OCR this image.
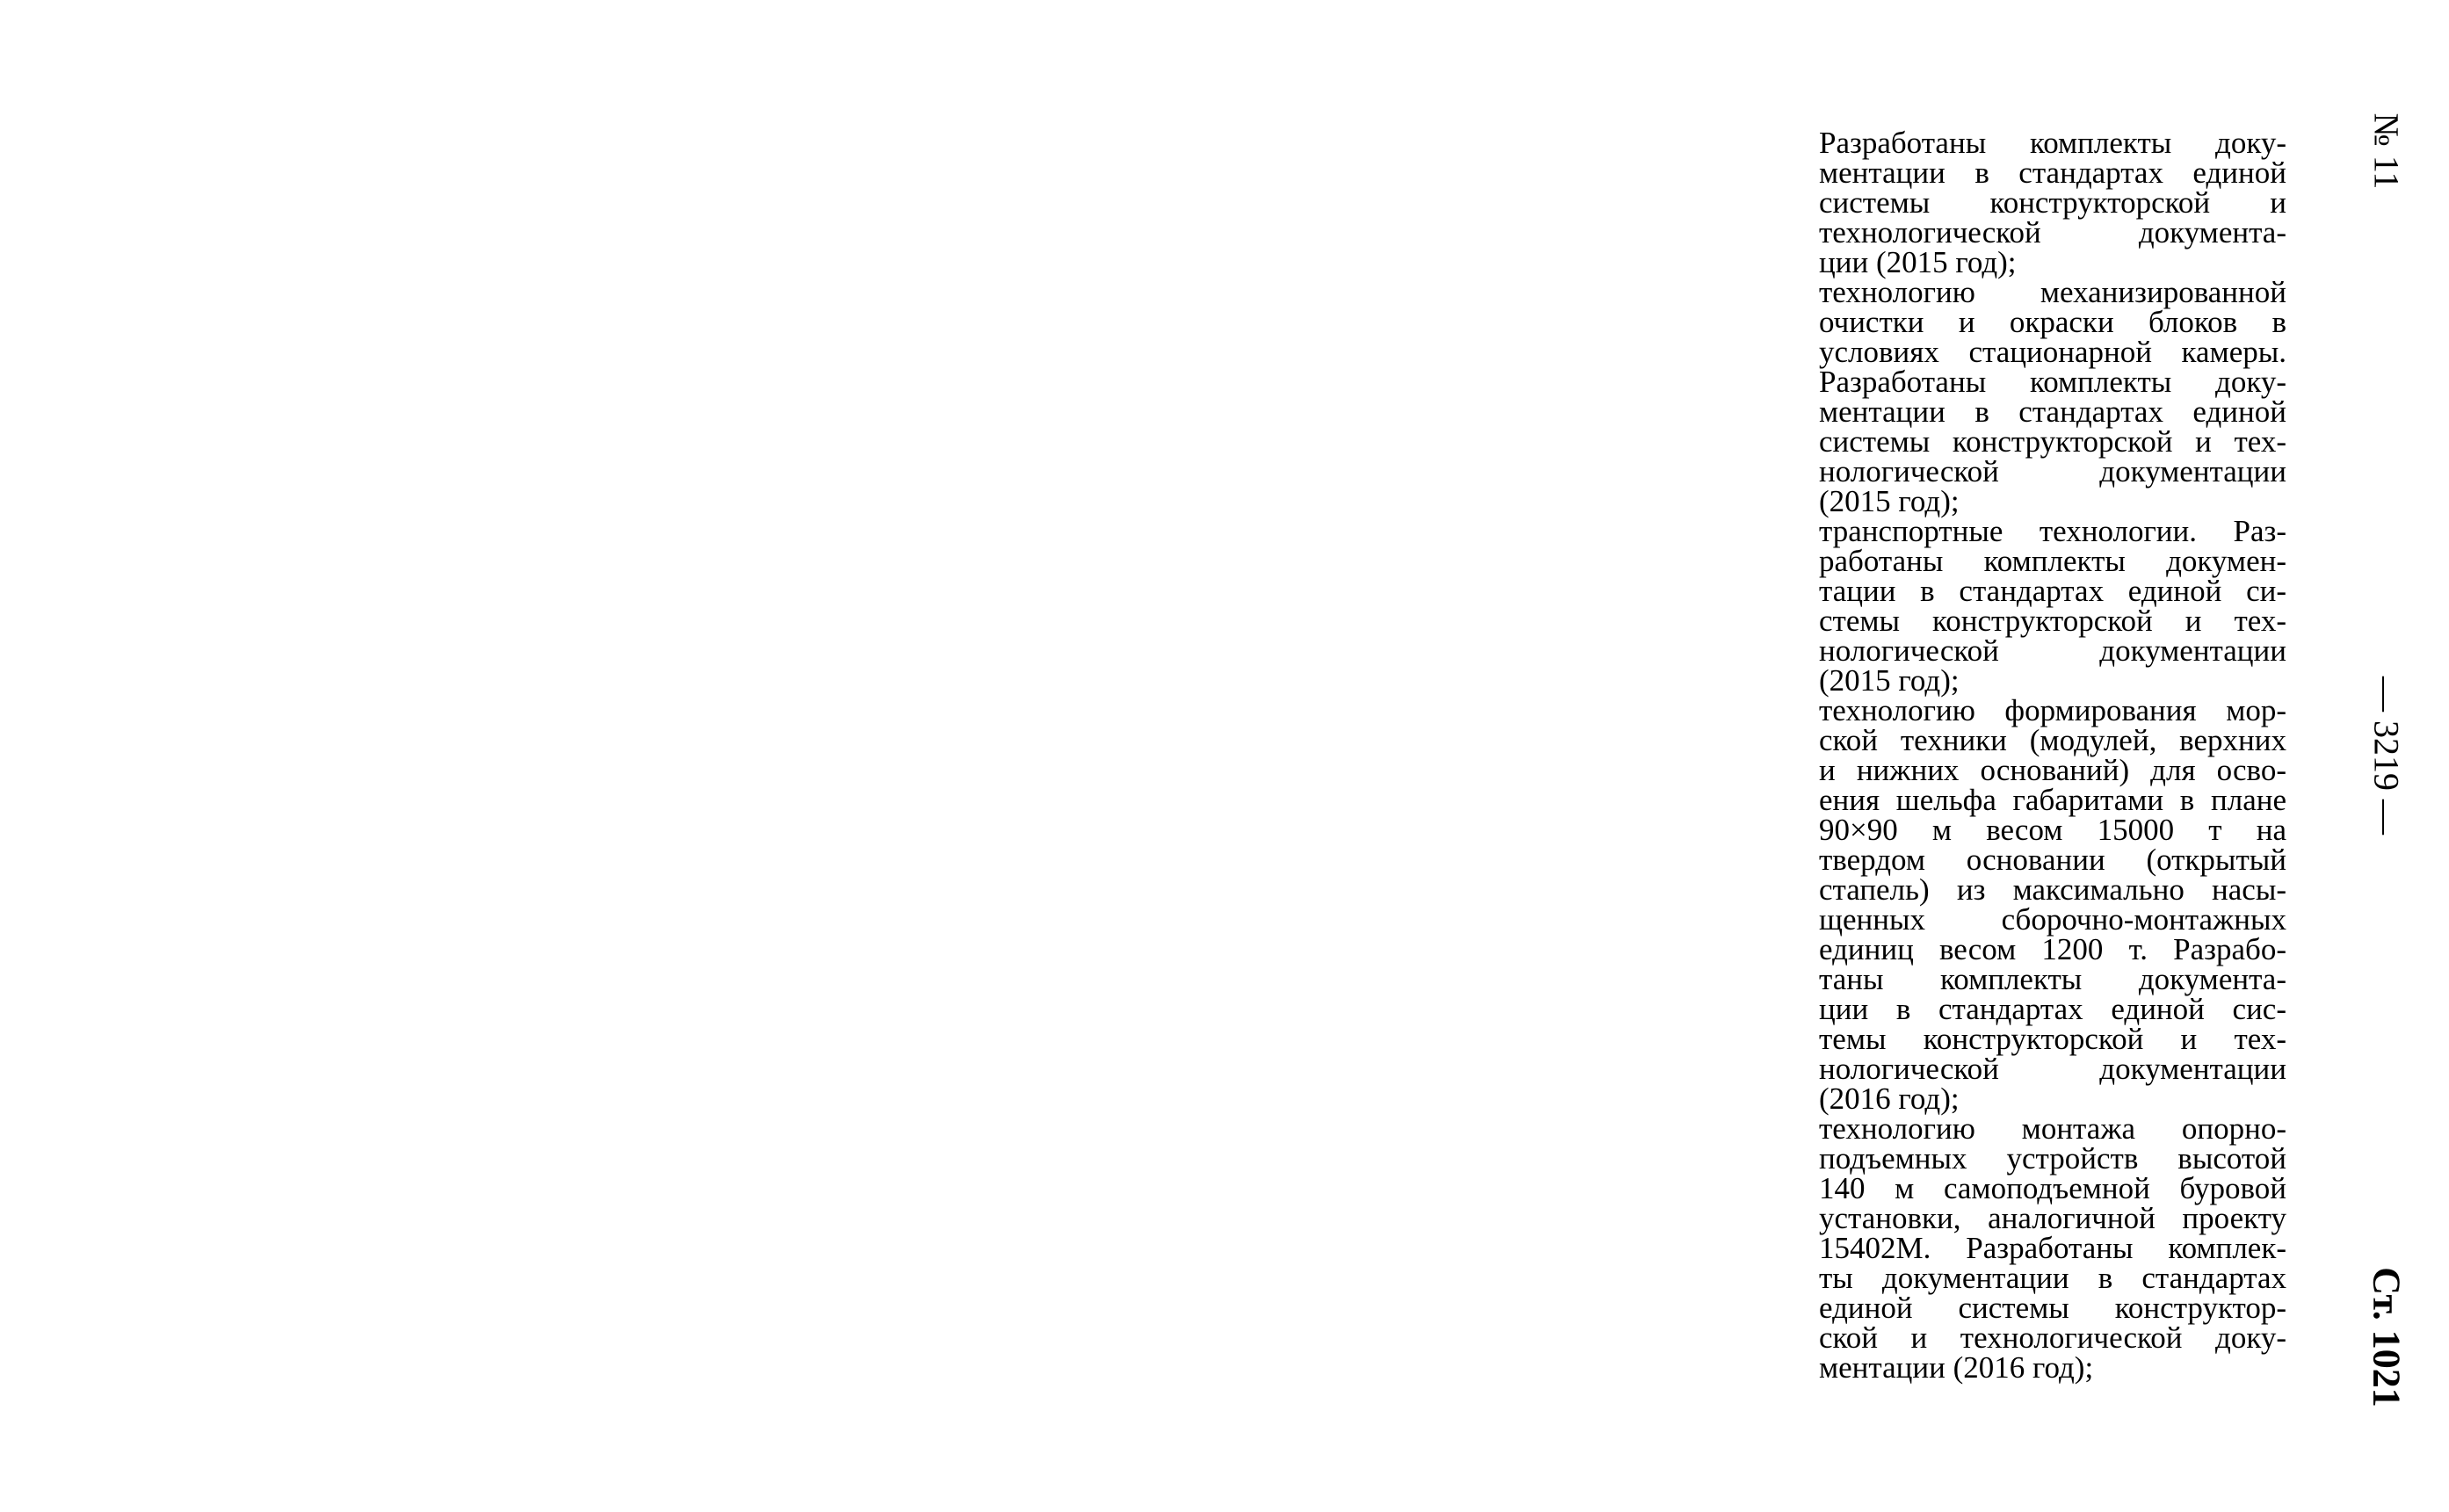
Разработаны комплекты доку-
ментации в стандартах единой
системы конструкторской и
технологической документа-
ции (2015 год);
технологию механизированной
очистки и окраски блоков в
условиях стационарной камеры.
Разработаны комплекты доку-
ментации в стандартах единой
системы конструкторской и тех-
нологической документации
(2015 год);
транспортные технологии. Раз-
работаны комплекты докумен-
тации в стандартах единой си-
стемы конструкторской и тех-
нологической документации
(2015 год);
технологию формирования мор-
ской техники (модулей, верхних
и нижних оснований) для осво-
ения шельфа габаритами в плане
90×90 м весом 15000 т на
твердом основании (открытый
стапель) из максимально насы-
щенных сборочно-монтажных
единиц весом 1200 т. Разрабо-
таны комплекты документа-
ции в стандартах единой сис-
темы конструкторской и тех-
нологической документации
(2016 год);
технологию монтажа опорно-
подъемных устройств высотой
140 м самоподъемной буровой
установки, аналогичной проекту
15402М. Разработаны комплек-
ты документации в стандартах
единой системы конструктор-
ской и технологической доку-
ментации (2016 год);
№ 11
— 3219 —
Ст. 1021
